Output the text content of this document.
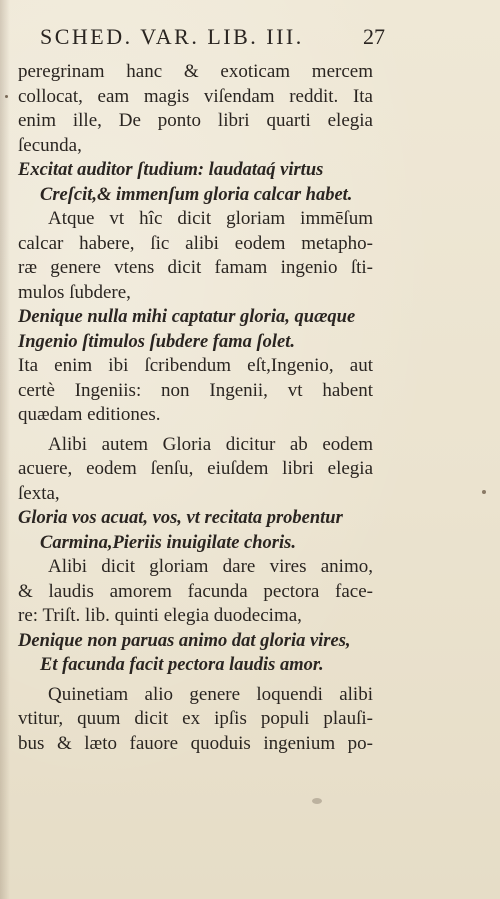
SCHED. VAR. LIB. III.	27
peregrinam hanc & exoticam mercem
collocat, eam magis viſendam reddit. Ita
enim ille, De ponto libri quarti elegia
ſecunda,
Excitat auditor ſtudium: laudataq́ virtus
Creſcit,& immenſum gloria calcar habet.
Atque vt hîc dicit gloriam immēſum
calcar habere, ſic alibi eodem metapho-
ræ genere vtens dicit famam ingenio ſti-
mulos ſubdere,
Denique nulla mihi captatur gloria, quæque
Ingenio ſtimulos ſubdere fama ſolet.
Ita enim ibi ſcribendum eſt,Ingenio, aut
certè Ingeniis: non Ingenii, vt habent
quædam editiones.
Alibi autem Gloria dicitur ab eodem
acuere, eodem ſenſu, eiuſdem libri elegia
ſexta,
Gloria vos acuat, vos, vt recitata probentur
Carmina,Pieriis inuigilate choris.
Alibi dicit gloriam dare vires animo,
& laudis amorem facunda pectora face-
re: Triſt. lib. quinti elegia duodecima,
Denique non paruas animo dat gloria vires,
Et facunda facit pectora laudis amor.
Quinetiam alio genere loquendi alibi
vtitur, quum dicit ex ipſis populi plauſi-
bus & læto fauore quoduis ingenium po-
